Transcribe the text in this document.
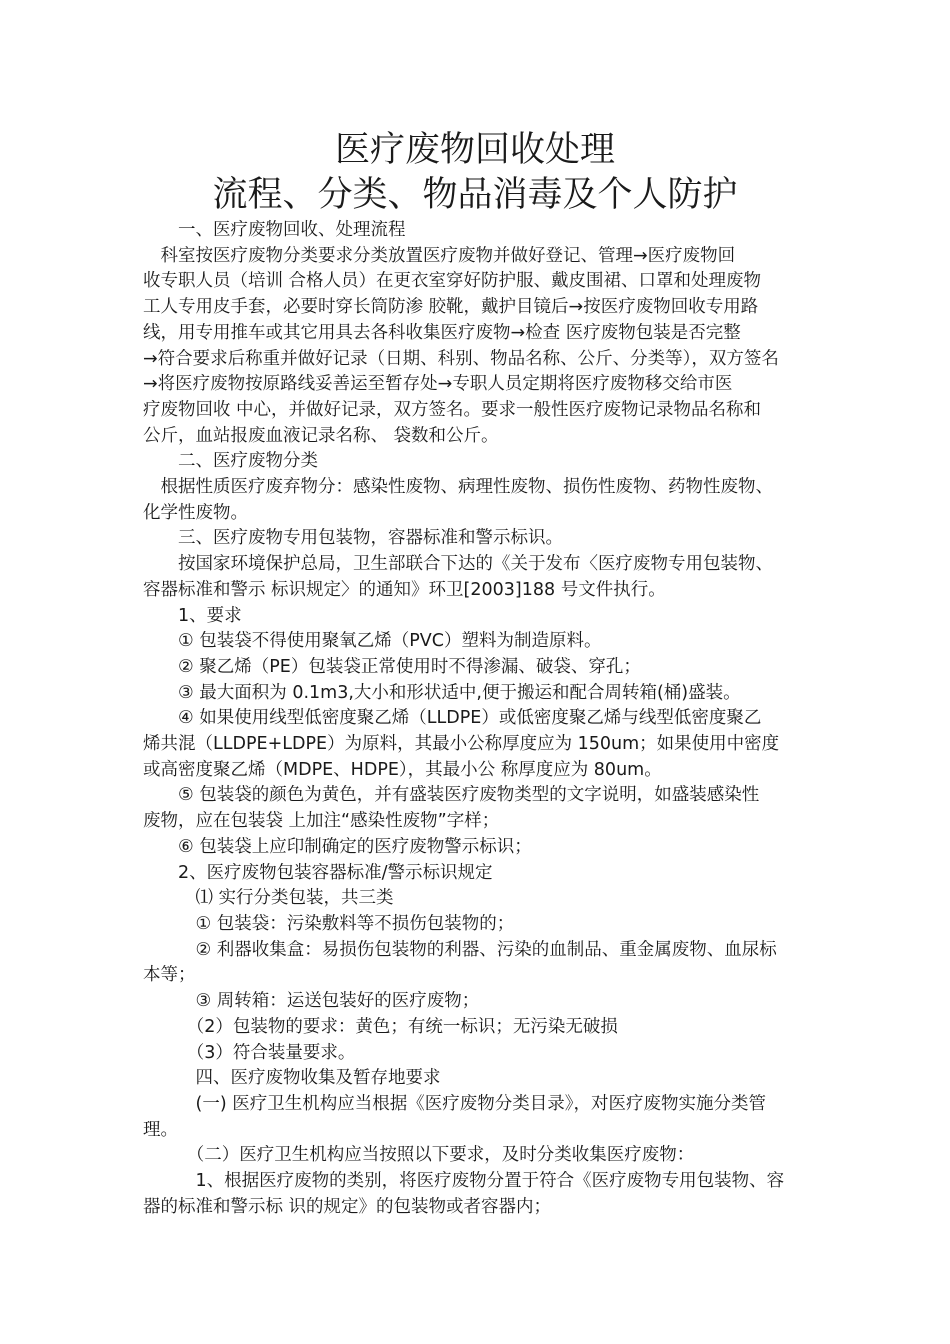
医疗废物回收处理
流程、分类、物品消毒及个人防护

　　一、医疗废物回收、处理流程

　科室按医疗废物分类要求分类放置医疗废物并做好登记、管理→医疗废物回

收专职人员（培训 合格人员）在更衣室穿好防护服、戴皮围裙、口罩和处理废物

工人专用皮手套，必要时穿长筒防渗 胶靴，戴护目镜后→按医疗废物回收专用路

线，用专用推车或其它用具去各科收集医疗废物→检查 医疗废物包装是否完整

→符合要求后称重并做好记录（日期、科别、物品名称、公斤、分类等），双方签名

→将医疗废物按原路线妥善运至暂存处→专职人员定期将医疗废物移交给市医

疗废物回收 中心，并做好记录，双方签名。要求一般性医疗废物记录物品名称和

公斤，血站报废血液记录名称、 袋数和公斤。

　　二、医疗废物分类

　根据性质医疗废弃物分：感染性废物、病理性废物、损伤性废物、药物性废物、

化学性废物。

　　三、医疗废物专用包装物，容器标准和警示标识。

　　按国家环境保护总局，卫生部联合下达的《关于发布〈医疗废物专用包装物、

容器标准和警示 标识规定〉的通知》环卫[2003]188 号文件执行。

　　1、要求

　　① 包装袋不得使用聚氧乙烯（PVC）塑料为制造原料。

　　② 聚乙烯（PE）包装袋正常使用时不得渗漏、破袋、穿孔；

　　③ 最大面积为 0.1m3,大小和形状适中,便于搬运和配合周转箱(桶)盛装。

　　④ 如果使用线型低密度聚乙烯（LLDPE）或低密度聚乙烯与线型低密度聚乙

烯共混（LLDPE+LDPE）为原料，其最小公称厚度应为 150um；如果使用中密度

或高密度聚乙烯（MDPE、HDPE），其最小公 称厚度应为 80um。

　　⑤ 包装袋的颜色为黄色，并有盛装医疗废物类型的文字说明，如盛装感染性

废物，应在包装袋 上加注“感染性废物”字样；

　　⑥ 包装袋上应印制确定的医疗废物警示标识；

　　2、医疗废物包装容器标准/警示标识规定

　　　⑴ 实行分类包装，共三类

　　　① 包装袋：污染敷料等不损伤包装物的；

　　　② 利器收集盒：易损伤包装物的利器、污染的血制品、重金属废物、血尿标

本等；

　　　③ 周转箱：运送包装好的医疗废物；

　　　（2）包装物的要求：黄色；有统一标识；无污染无破损

　　　（3）符合装量要求。

　　　四、医疗废物收集及暂存地要求

　　　(一) 医疗卫生机构应当根据《医疗废物分类目录》，对医疗废物实施分类管

理。

　　　（二）医疗卫生机构应当按照以下要求，及时分类收集医疗废物：

　　　1、根据医疗废物的类别，将医疗废物分置于符合《医疗废物专用包装物、容

器的标准和警示标 识的规定》的包装物或者容器内；
